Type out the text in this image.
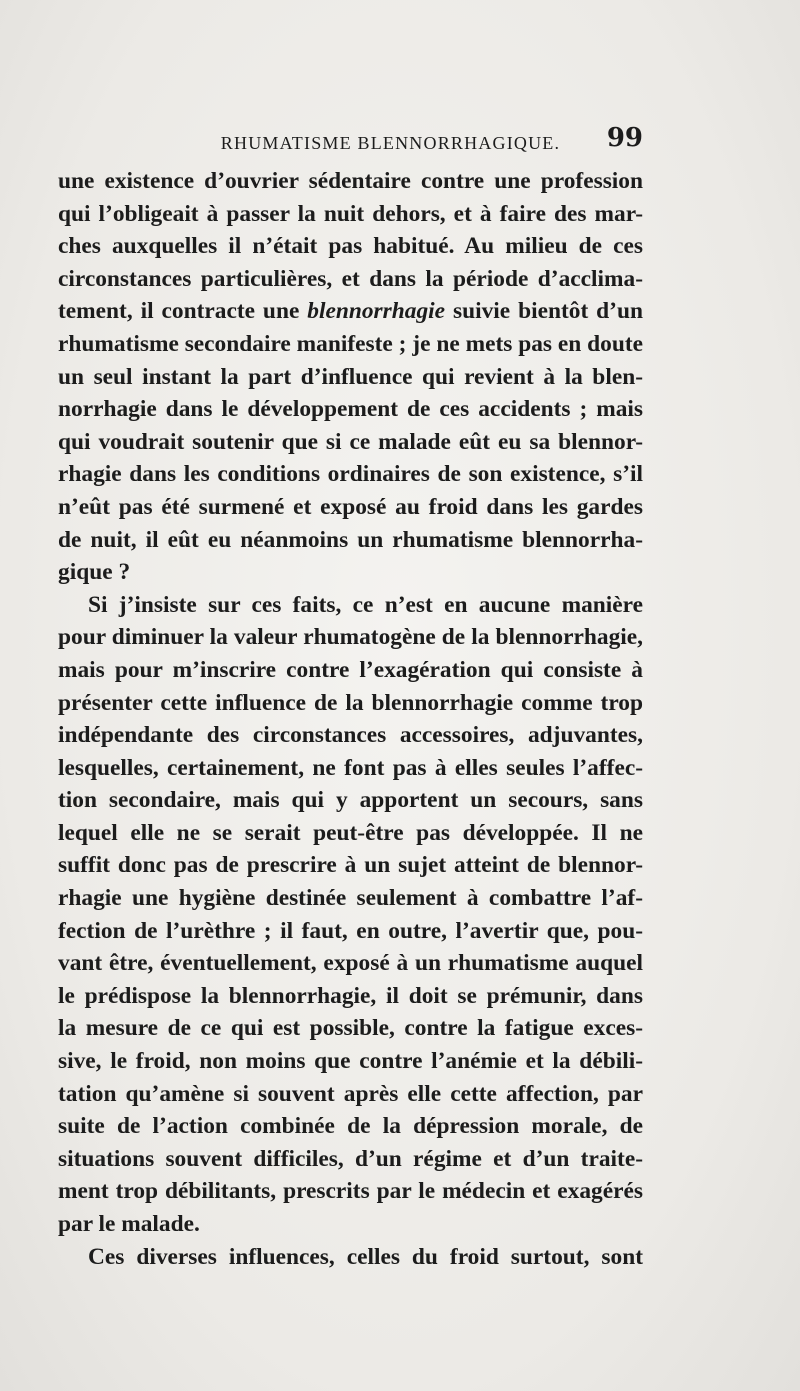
RHUMATISME BLENNORRHAGIQUE.	99
une existence d’ouvrier sédentaire contre une profession
qui l’obligeait à passer la nuit dehors, et à faire des mar-
ches auxquelles il n’était pas habitué. Au milieu de ces
circonstances particulières, et dans la période d’acclima-
tement, il contracte une blennorrhagie suivie bientôt d’un
rhumatisme secondaire manifeste ; je ne mets pas en doute
un seul instant la part d’influence qui revient à la blen-
norrhagie dans le développement de ces accidents ; mais
qui voudrait soutenir que si ce malade eût eu sa blennor-
rhagie dans les conditions ordinaires de son existence, s’il
n’eût pas été surmené et exposé au froid dans les gardes
de nuit, il eût eu néanmoins un rhumatisme blennorrha-
gique ?
Si j’insiste sur ces faits, ce n’est en aucune manière
pour diminuer la valeur rhumatogène de la blennorrhagie,
mais pour m’inscrire contre l’exagération qui consiste à
présenter cette influence de la blennorrhagie comme trop
indépendante des circonstances accessoires, adjuvantes,
lesquelles, certainement, ne font pas à elles seules l’affec-
tion secondaire, mais qui y apportent un secours, sans
lequel elle ne se serait peut-être pas développée. Il ne
suffit donc pas de prescrire à un sujet atteint de blennor-
rhagie une hygiène destinée seulement à combattre l’af-
fection de l’urèthre ; il faut, en outre, l’avertir que, pou-
vant être, éventuellement, exposé à un rhumatisme auquel
le prédispose la blennorrhagie, il doit se prémunir, dans
la mesure de ce qui est possible, contre la fatigue exces-
sive, le froid, non moins que contre l’anémie et la débili-
tation qu’amène si souvent après elle cette affection, par
suite de l’action combinée de la dépression morale, de
situations souvent difficiles, d’un régime et d’un traite-
ment trop débilitants, prescrits par le médecin et exagérés
par le malade.
Ces diverses influences, celles du froid surtout, sont
